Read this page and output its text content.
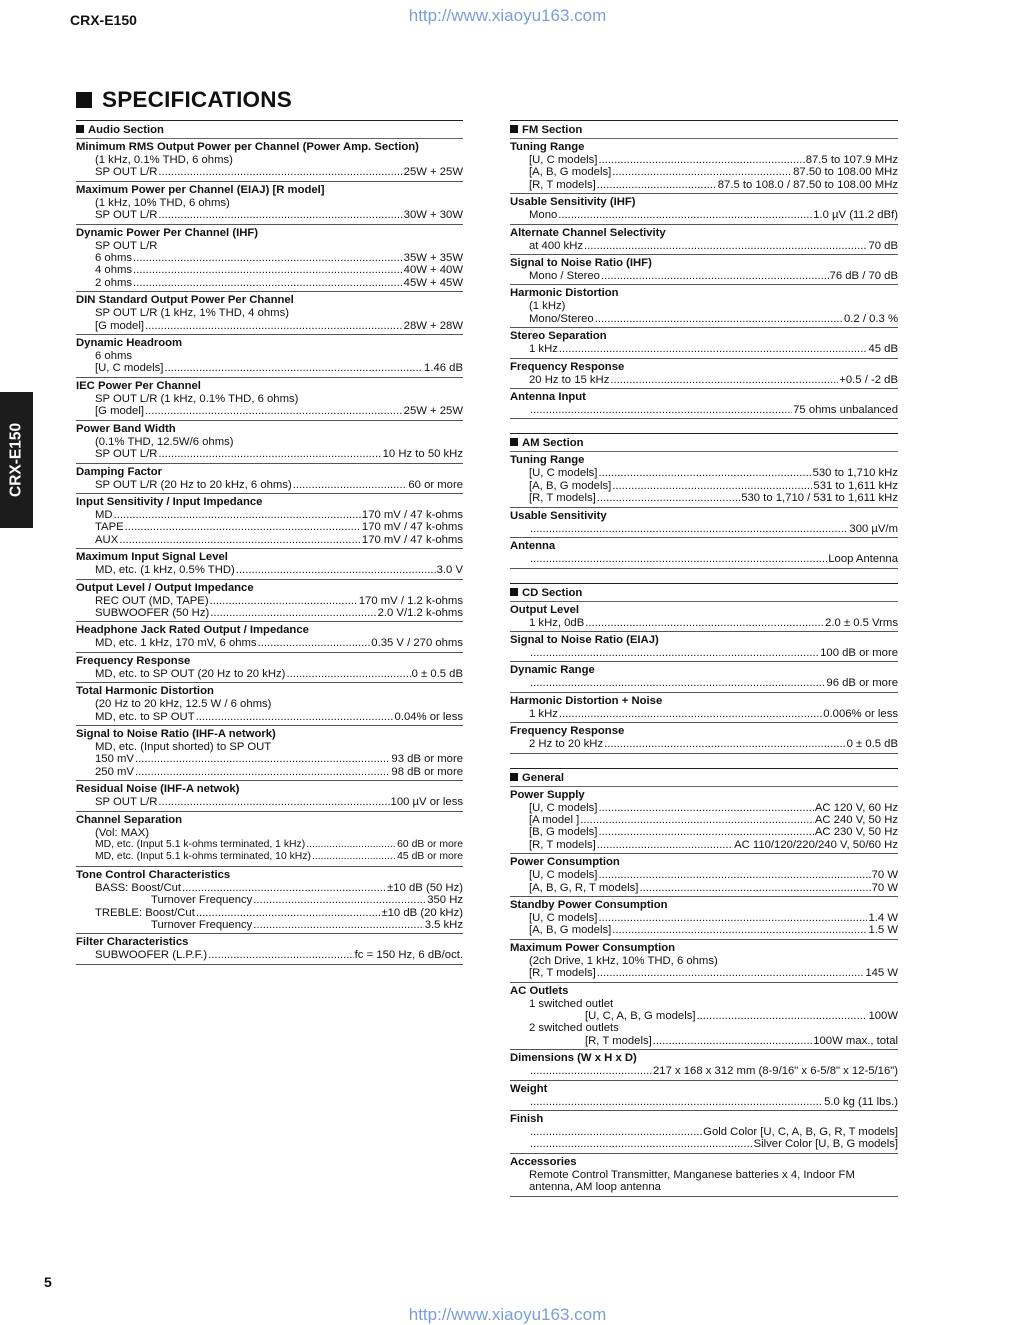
CRX-E150	http://www.xiaoyu163.com
CRX-E150
SPECIFICATIONS
Audio Section
Minimum RMS Output Power per Channel (Power Amp. Section)
(1 kHz, 0.1% THD, 6 ohms)
SP OUT L/R .....	25W + 25W
Maximum Power per Channel (EIAJ) [R model]
(1 kHz, 10% THD, 6 ohms)
SP OUT L/R .....	30W + 30W
Dynamic Power Per Channel (IHF)
SP OUT L/R
6 ohms .....	35W + 35W
4 ohms .....	40W + 40W
2 ohms .....	45W + 45W
DIN Standard Output Power Per Channel
SP OUT L/R (1 kHz, 1% THD, 4 ohms)
[G model] .....	28W + 28W
Dynamic Headroom
6 ohms
[U, C models] .....	1.46 dB
IEC Power Per Channel
SP OUT L/R (1 kHz, 0.1% THD, 6 ohms)
[G model] .....	25W + 25W
Power Band Width
(0.1% THD, 12.5W/6 ohms)
SP OUT L/R .....	10 Hz to 50 kHz
Damping Factor
SP OUT L/R (20 Hz to 20 kHz, 6 ohms) .....	60 or more
Input Sensitivity / Input Impedance
MD .....	170 mV / 47 k-ohms
TAPE .....	170 mV / 47 k-ohms
AUX .....	170 mV / 47 k-ohms
Maximum Input Signal Level
MD, etc. (1 kHz, 0.5% THD) .....	3.0 V
Output Level / Output Impedance
REC OUT (MD, TAPE) .....	170 mV / 1.2 k-ohms
SUBWOOFER (50 Hz) .....	2.0 V/1.2 k-ohms
Headphone Jack Rated Output / Impedance
MD, etc. 1 kHz, 170 mV, 6 ohms .....	0.35 V / 270 ohms
Frequency Response
MD, etc. to SP OUT (20 Hz to 20 kHz) .....	0 ± 0.5 dB
Total Harmonic Distortion
(20 Hz to 20 kHz, 12.5 W / 6 ohms)
MD, etc. to SP OUT .....	0.04% or less
Signal to Noise Ratio (IHF-A network)
MD, etc. (Input shorted) to SP OUT
150 mV .....	93 dB or more
250 mV .....	98 dB or more
Residual Noise (IHF-A netwok)
SP OUT L/R .....	100 µV or less
Channel Separation
(Vol: MAX)
MD, etc. (Input 5.1 k-ohms terminated, 1 kHz) .....	60 dB or more
MD, etc. (Input 5.1 k-ohms terminated, 10 kHz) .....	45 dB or more
Tone Control Characteristics
BASS: Boost/Cut .....	±10 dB (50 Hz)
Turnover Frequency .....	350 Hz
TREBLE: Boost/Cut .....	±10 dB (20 kHz)
Turnover Frequency .....	3.5 kHz
Filter Characteristics
SUBWOOFER (L.P.F.) .....	fc = 150 Hz, 6 dB/oct.
FM Section
Tuning Range
[U, C models] .....	87.5 to 107.9 MHz
[A, B, G models] .....	87.50 to 108.00 MHz
[R, T models] .....	87.5 to 108.0 / 87.50 to 108.00 MHz
Usable Sensitivity (IHF)
Mono .....	1.0 µV (11.2 dBf)
Alternate Channel Selectivity
at 400 kHz .....	70 dB
Signal to Noise Ratio (IHF)
Mono / Stereo .....	76 dB / 70 dB
Harmonic Distortion
(1 kHz)
Mono/Stereo .....	0.2 / 0.3 %
Stereo Separation
1 kHz .....	45 dB
Frequency Response
20 Hz to 15 kHz .....	+0.5 / -2 dB
Antenna Input
.....
75 ohms unbalanced
AM Section
Tuning Range
[U, C models] .....	530 to 1,710 kHz
[A, B, G models] .....	531 to 1,611 kHz
[R, T models] .....	530 to 1,710 / 531 to 1,611 kHz
Usable Sensitivity
.....
300 µV/m
Antenna
.....
Loop Antenna
CD Section
Output Level
1 kHz, 0dB .....	2.0 ± 0.5 Vrms
Signal to Noise Ratio (EIAJ)
.....
100 dB or more
Dynamic Range
.....
96 dB or more
Harmonic Distortion + Noise
1 kHz .....	0.006% or less
Frequency Response
2 Hz to 20 kHz .....	0 ± 0.5 dB
General
Power Supply
[U, C models] .....	AC 120 V, 60 Hz
[A model ] .....	AC 240 V, 50 Hz
[B, G models] .....	AC 230 V, 50 Hz
[R, T models] .....	AC 110/120/220/240 V, 50/60 Hz
Power Consumption
[U, C models] .....	70 W
[A, B, G, R, T models] .....	70 W
Standby Power Consumption
[U, C models] .....	1.4 W
[A, B, G models] .....	1.5 W
Maximum Power Consumption
(2ch Drive, 1 kHz, 10% THD, 6 ohms)
[R, T models] .....	145 W
AC Outlets
1 switched outlet
[U, C, A, B, G models] .....	100W
2 switched outlets
[R, T models] .....	100W max., total
Dimensions (W x H x D)
.....
217 x 168 x 312 mm (8-9/16" x 6-5/8" x 12-5/16")
Weight
.....
5.0 kg (11 lbs.)
Finish
.....
Gold Color [U, C, A, B, G, R, T models]
.....
Silver Color [U, B, G models]
Accessories
Remote Control Transmitter, Manganese batteries x 4, Indoor FM antenna, AM loop antenna
5
http://www.xiaoyu163.com
